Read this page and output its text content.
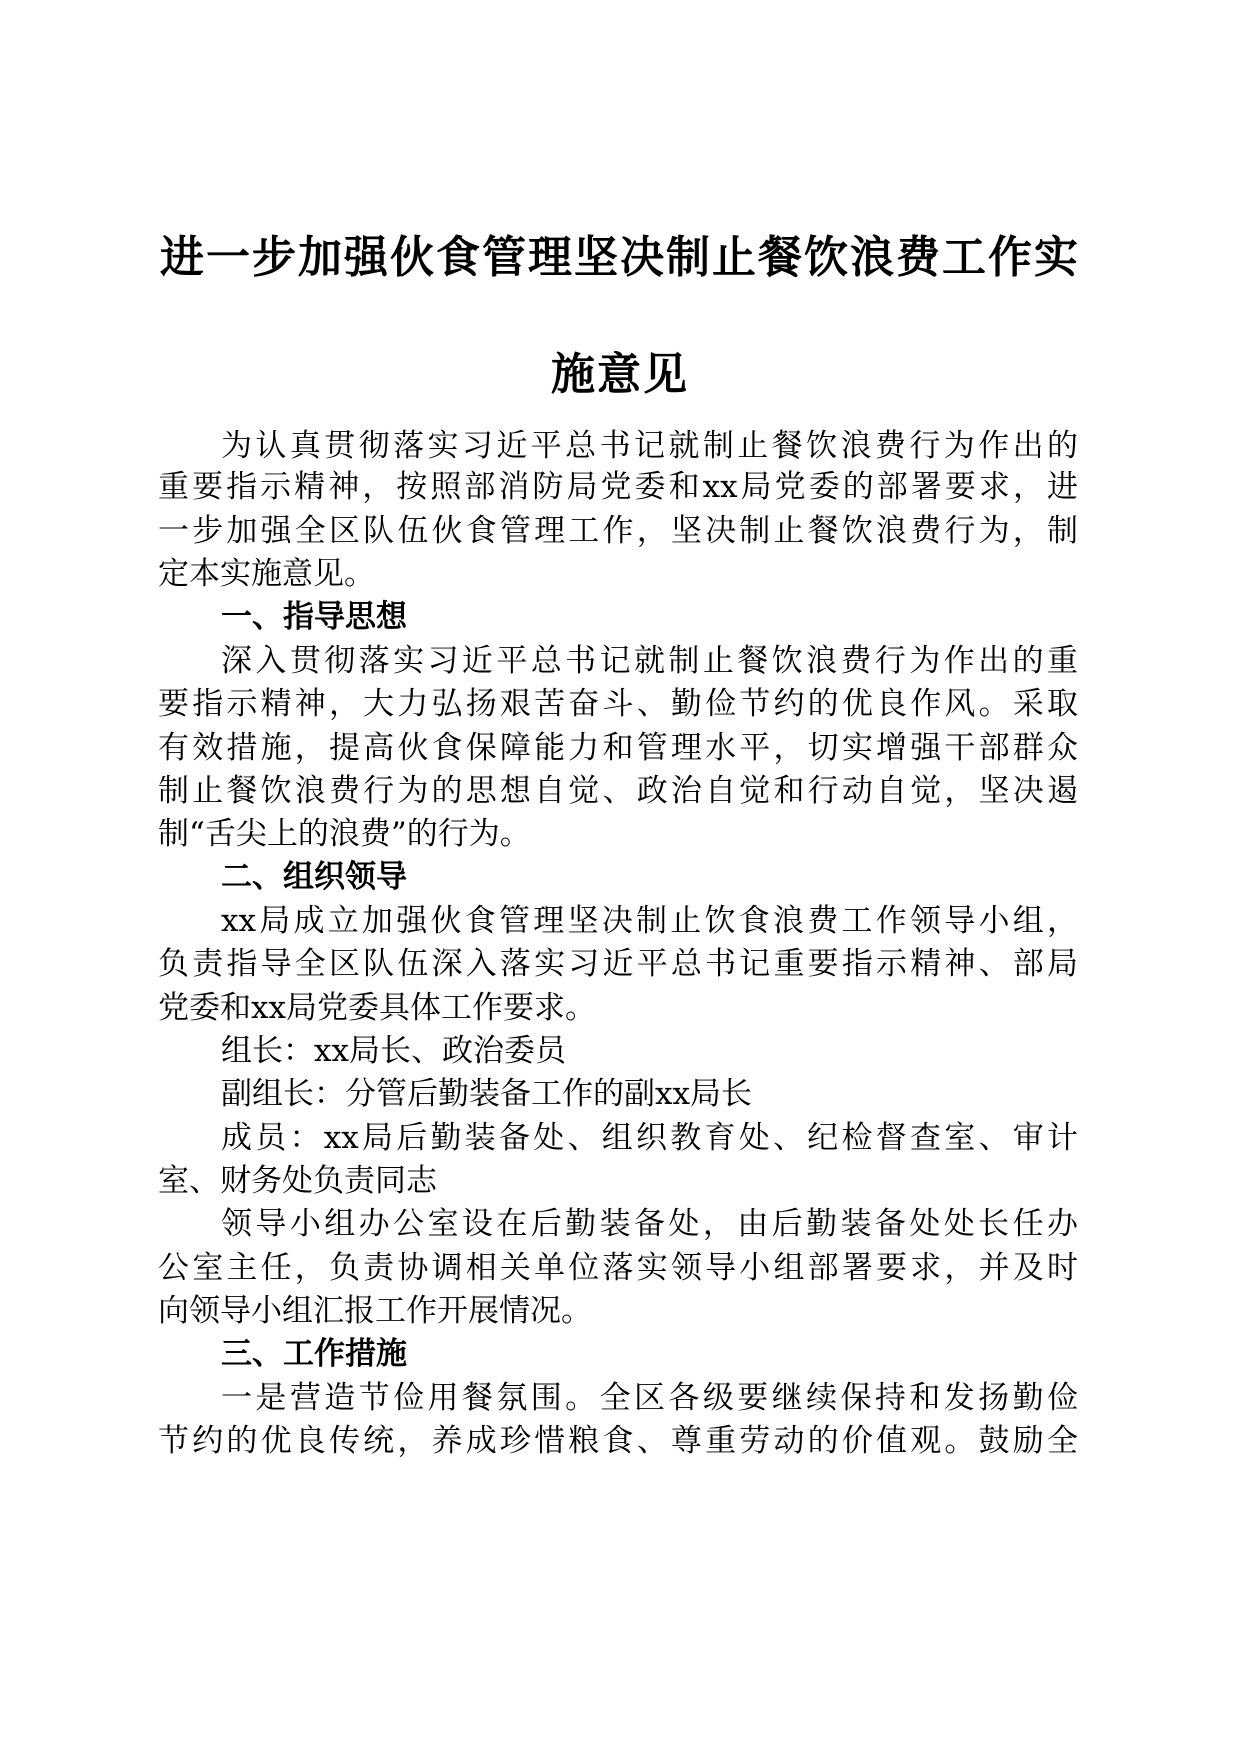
进一步加强伙食管理坚决制止餐饮浪费工作实
施意见

为认真贯彻落实习近平总书记就制止餐饮浪费行为作出的

重要指示精神，按照部消防局党委和xx局党委的部署要求，进

一步加强全区队伍伙食管理工作，坚决制止餐饮浪费行为，制

定本实施意见。

一、指导思想

深入贯彻落实习近平总书记就制止餐饮浪费行为作出的重

要指示精神，大力弘扬艰苦奋斗、勤俭节约的优良作风。采取

有效措施，提高伙食保障能力和管理水平，切实增强干部群众

制止餐饮浪费行为的思想自觉、政治自觉和行动自觉，坚决遏

制“舌尖上的浪费”的行为。

二、组织领导

xx局成立加强伙食管理坚决制止饮食浪费工作领导小组，

负责指导全区队伍深入落实习近平总书记重要指示精神、部局

党委和xx局党委具体工作要求。

组长：xx局长、政治委员

副组长：分管后勤装备工作的副xx局长

成员：xx局后勤装备处、组织教育处、纪检督查室、审计

室、财务处负责同志

领导小组办公室设在后勤装备处，由后勤装备处处长任办

公室主任，负责协调相关单位落实领导小组部署要求，并及时

向领导小组汇报工作开展情况。

三、工作措施

一是营造节俭用餐氛围。全区各级要继续保持和发扬勤俭

节约的优良传统，养成珍惜粮食、尊重劳动的价值观。鼓励全
